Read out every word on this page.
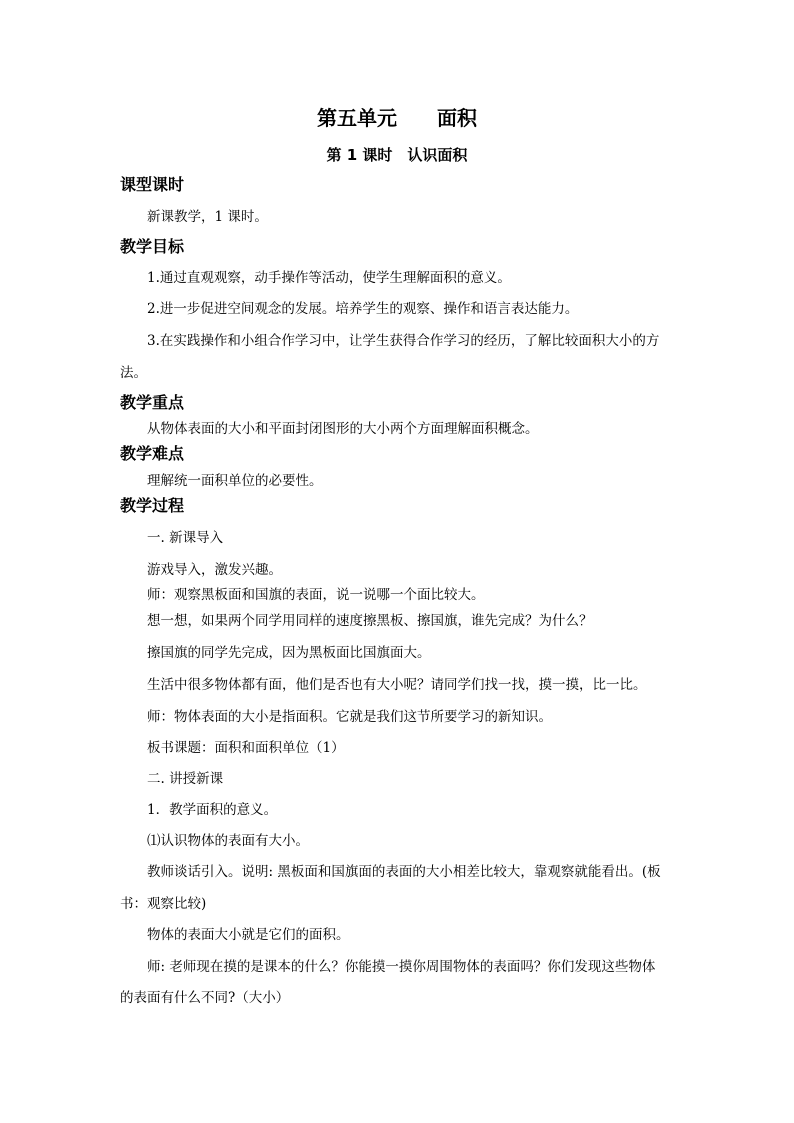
第五单元　　面积
第 1 课时　认识面积
课型课时
新课教学，1 课时。
教学目标
1.通过直观观察，动手操作等活动，使学生理解面积的意义。
2.进一步促进空间观念的发展。培养学生的观察、操作和语言表达能力。
3.在实践操作和小组合作学习中，让学生获得合作学习的经历，了解比较面积大小的方
法。
教学重点
从物体表面的大小和平面封闭图形的大小两个方面理解面积概念。
教学难点
理解统一面积单位的必要性。
教学过程
一. 新课导入
游戏导入，激发兴趣。
师：观察黑板面和国旗的表面，说一说哪一个面比较大。
想一想，如果两个同学用同样的速度擦黑板、擦国旗，谁先完成？为什么？
擦国旗的同学先完成，因为黑板面比国旗面大。
生活中很多物体都有面，他们是否也有大小呢？请同学们找一找，摸一摸，比一比。
师：物体表面的大小是指面积。它就是我们这节所要学习的新知识。
板书课题：面积和面积单位（1）
二. 讲授新课
1．教学面积的意义。
⑴认识物体的表面有大小。
教师谈话引入。说明: 黑板面和国旗面的表面的大小相差比较大，靠观察就能看出。(板
书：观察比较)
物体的表面大小就是它们的面积。
师: 老师现在摸的是课本的什么？你能摸一摸你周围物体的表面吗？你们发现这些物体
的表面有什么不同?（大小）
